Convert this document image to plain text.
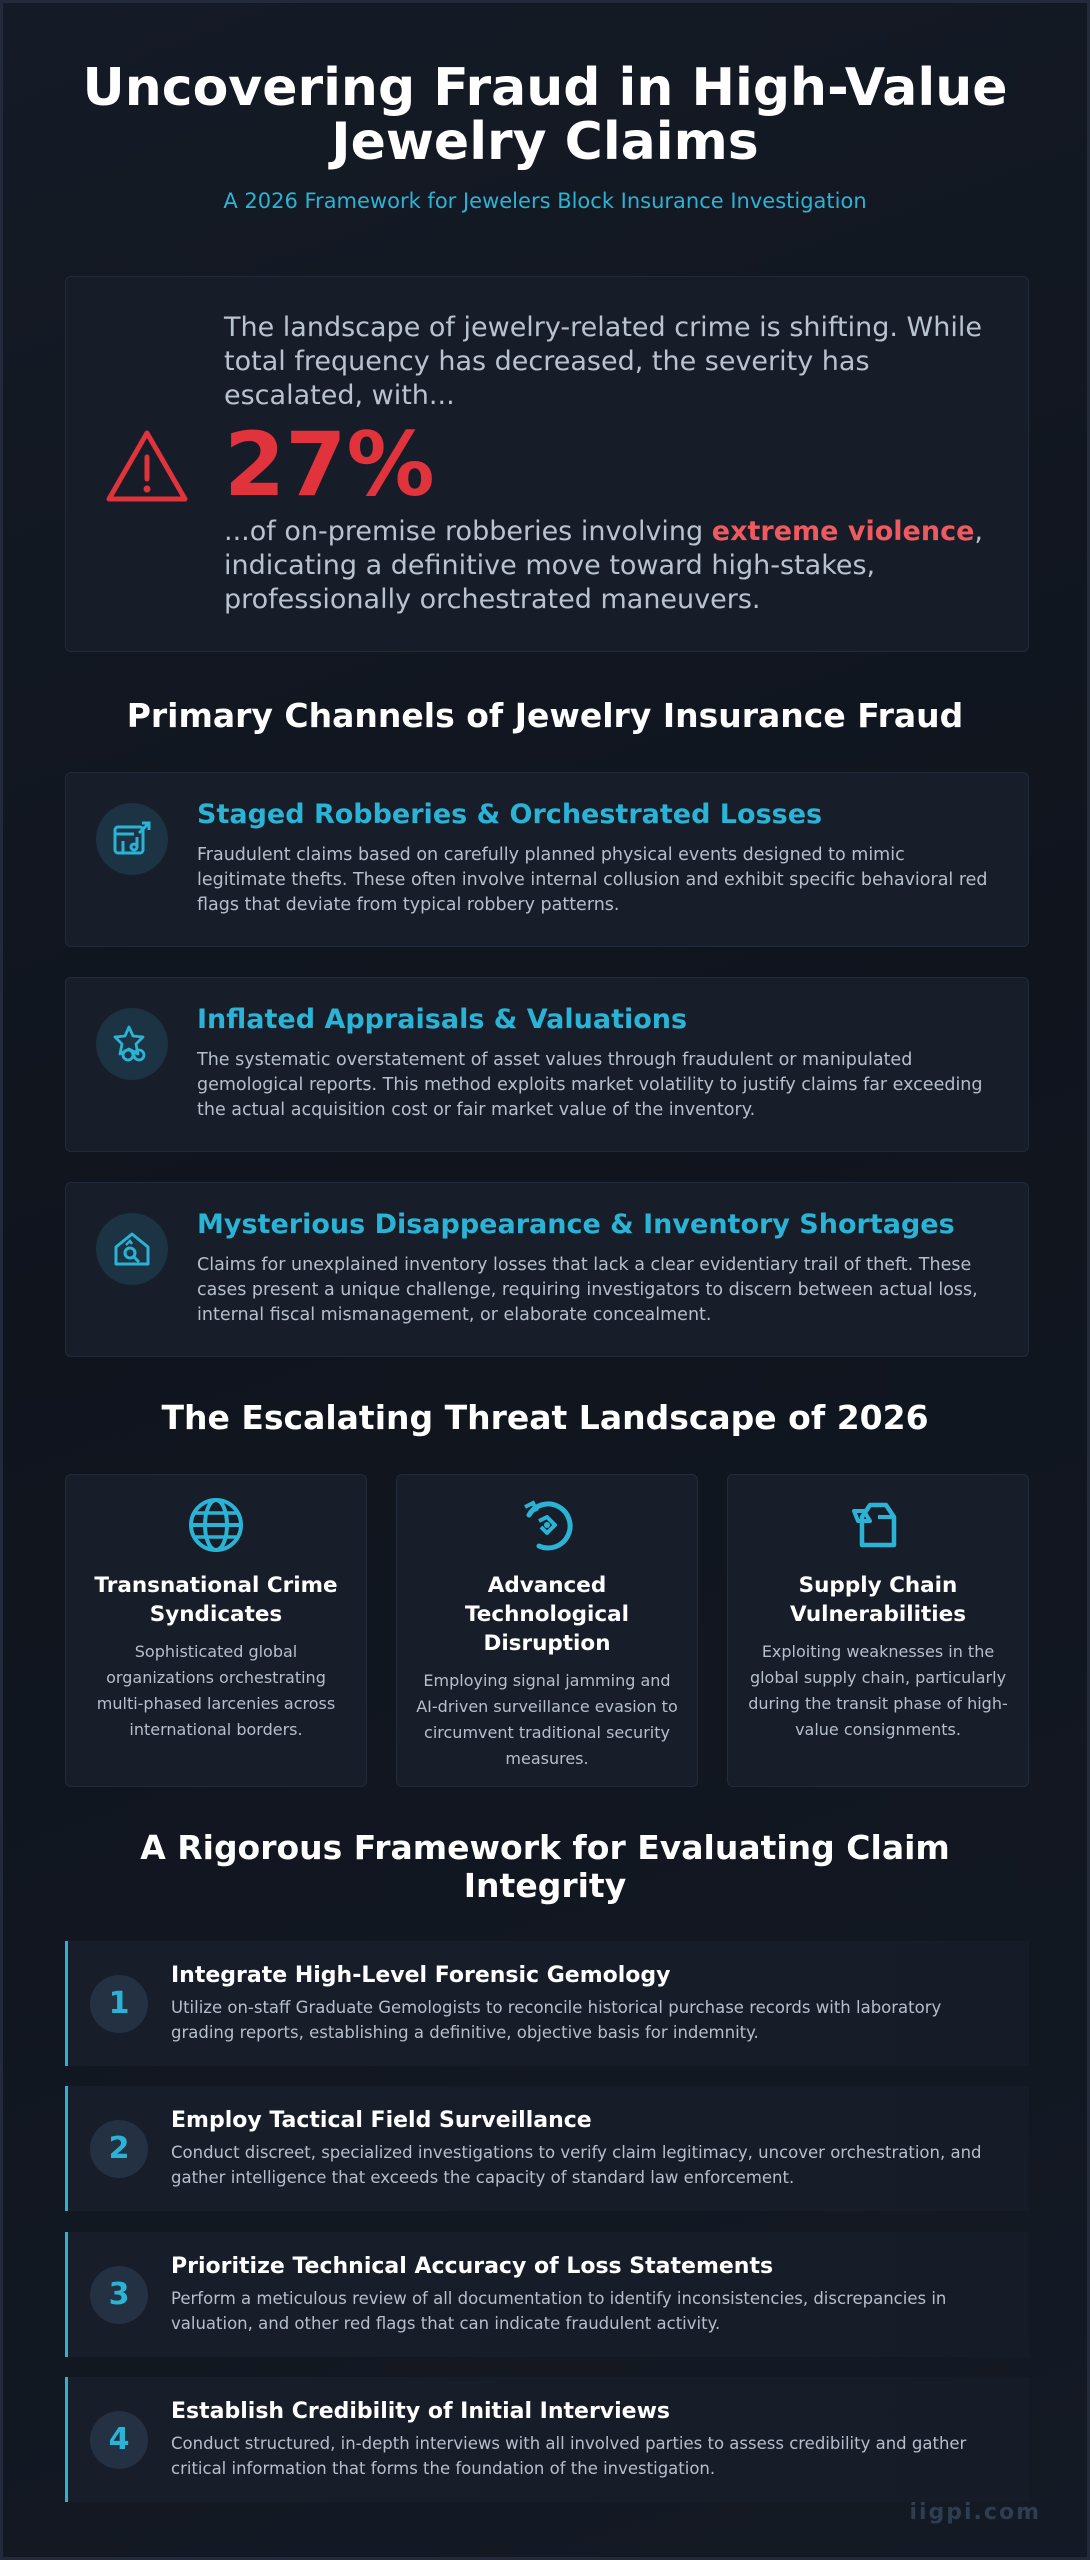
Uncovering Fraud in High-Value Jewelry Claims
A 2026 Framework for Jewelers Block Insurance Investigation
The landscape of jewelry-related crime is shifting. While total frequency has decreased, the severity has escalated, with...
27%
...of on-premise robberies involving extreme violence, indicating a definitive move toward high-stakes, professionally orchestrated maneuvers.
Primary Channels of Jewelry Insurance Fraud
Staged Robberies & Orchestrated Losses
Fraudulent claims based on carefully planned physical events designed to mimic legitimate thefts. These often involve internal collusion and exhibit specific behavioral red flags that deviate from typical robbery patterns.
Inflated Appraisals & Valuations
The systematic overstatement of asset values through fraudulent or manipulated gemological reports. This method exploits market volatility to justify claims far exceeding the actual acquisition cost or fair market value of the inventory.
Mysterious Disappearance & Inventory Shortages
Claims for unexplained inventory losses that lack a clear evidentiary trail of theft. These cases present a unique challenge, requiring investigators to discern between actual loss, internal fiscal mismanagement, or elaborate concealment.
The Escalating Threat Landscape of 2026
Transnational Crime Syndicates
Sophisticated global organizations orchestrating multi-phased larcenies across international borders.
Advanced Technological Disruption
Employing signal jamming and AI-driven surveillance evasion to circumvent traditional security measures.
Supply Chain Vulnerabilities
Exploiting weaknesses in the global supply chain, particularly during the transit phase of high-value consignments.
A Rigorous Framework for Evaluating Claim Integrity
1
Integrate High-Level Forensic Gemology
Utilize on-staff Graduate Gemologists to reconcile historical purchase records with laboratory grading reports, establishing a definitive, objective basis for indemnity.
2
Employ Tactical Field Surveillance
Conduct discreet, specialized investigations to verify claim legitimacy, uncover orchestration, and gather intelligence that exceeds the capacity of standard law enforcement.
3
Prioritize Technical Accuracy of Loss Statements
Perform a meticulous review of all documentation to identify inconsistencies, discrepancies in valuation, and other red flags that can indicate fraudulent activity.
4
Establish Credibility of Initial Interviews
Conduct structured, in-depth interviews with all involved parties to assess credibility and gather critical information that forms the foundation of the investigation.
iigpi.com
